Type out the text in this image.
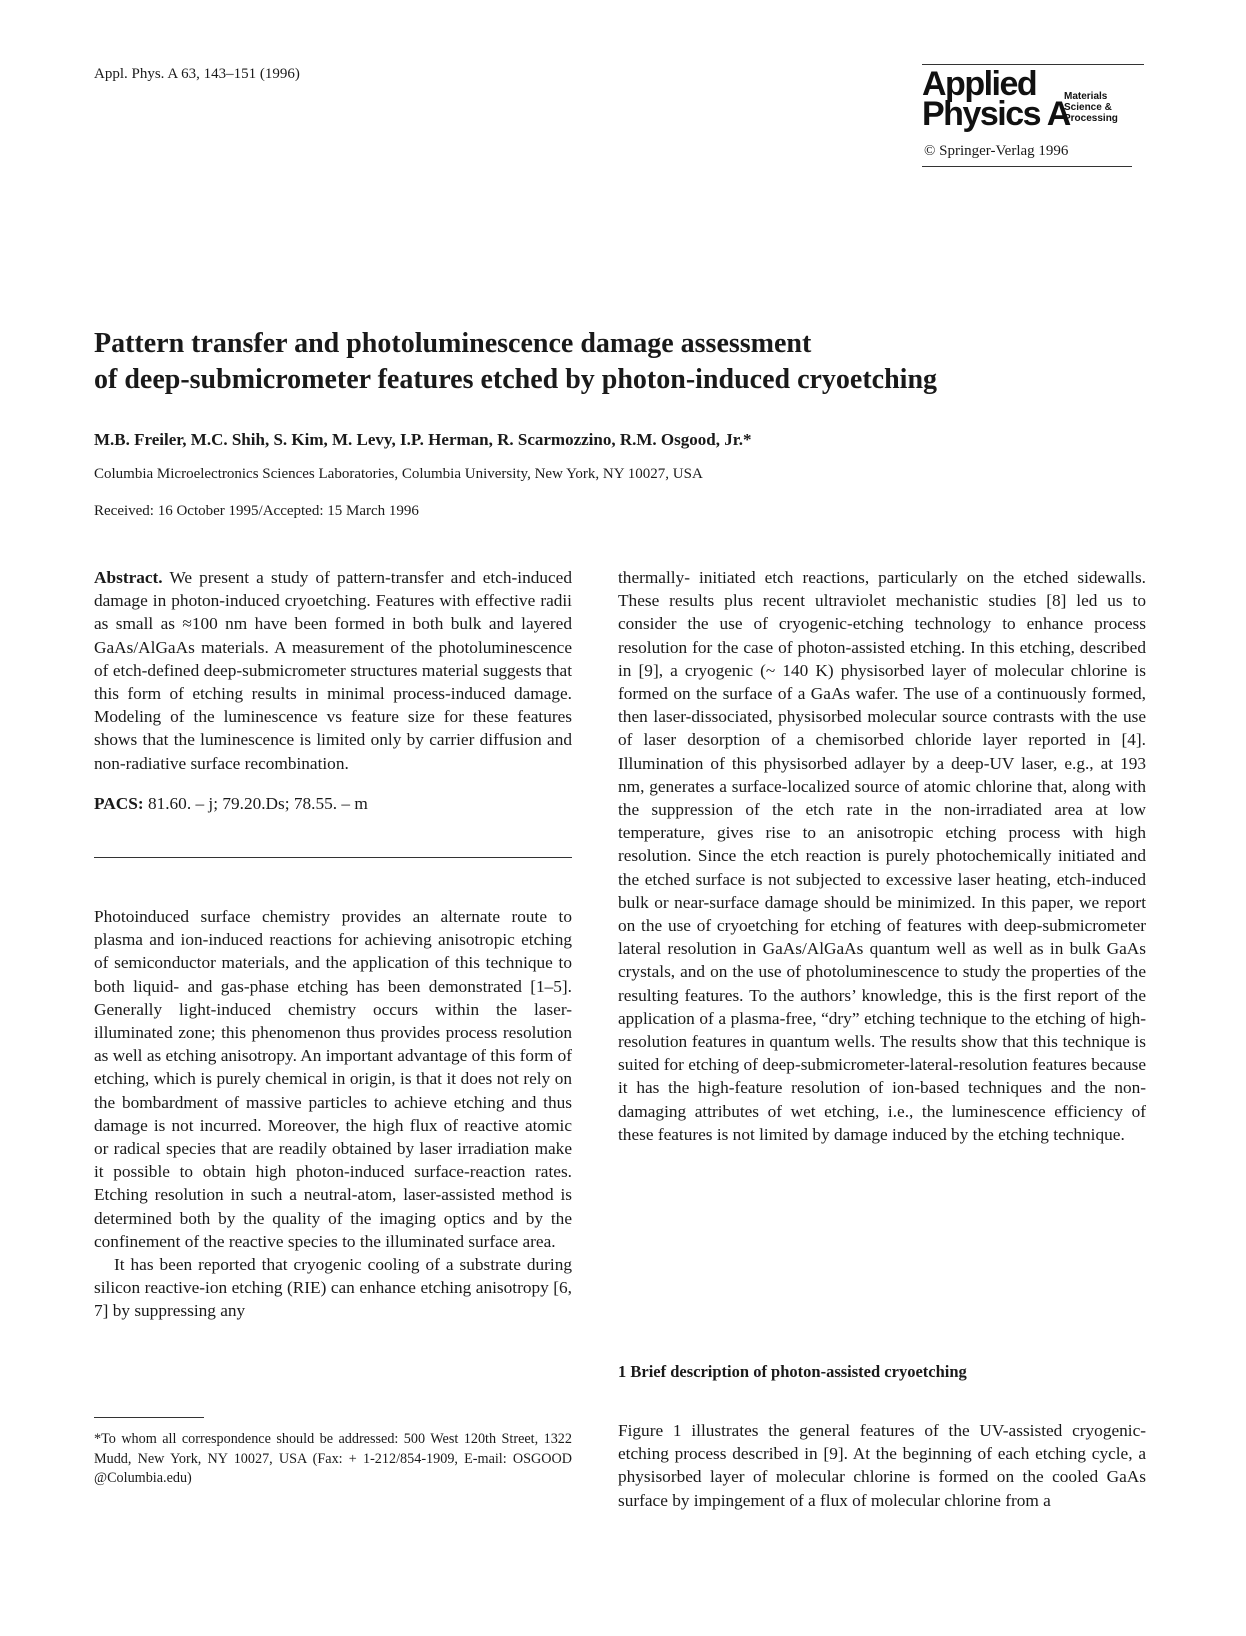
Appl. Phys. A 63, 143–151 (1996)	Applied
Physics A
Materials
Science &
Processing
© Springer-Verlag 1996
Pattern transfer and photoluminescence damage assessment
of deep-submicrometer features etched by photon-induced cryoetching
M.B. Freiler, M.C. Shih, S. Kim, M. Levy, I.P. Herman, R. Scarmozzino, R.M. Osgood, Jr.*
Columbia Microelectronics Sciences Laboratories, Columbia University, New York, NY 10027, USA
Received: 16 October 1995/Accepted: 15 March 1996

Abstract. We present a study of pattern-transfer and etch-induced damage in photon-induced cryoetching. Features with effective radii as small as ≈100 nm have been formed in both bulk and layered GaAs/AlGaAs materials. A measurement of the photoluminescence of etch-defined deep-submicrometer structures material suggests that this form of etching results in minimal process-induced damage. Modeling of the luminescence vs feature size for these features shows that the luminescence is limited only by carrier diffusion and non-radiative surface recombination.

PACS: 81.60. – j; 79.20.Ds; 78.55. – m

Photoinduced surface chemistry provides an alternate route to plasma and ion-induced reactions for achieving anisotropic etching of semiconductor materials, and the application of this technique to both liquid- and gas-phase etching has been demonstrated [1–5]. Generally light-induced chemistry occurs within the laser-illuminated zone; this phenomenon thus provides process resolution as well as etching anisotropy. An important advantage of this form of etching, which is purely chemical in origin, is that it does not rely on the bombardment of massive particles to achieve etching and thus damage is not incurred. Moreover, the high flux of reactive atomic or radical species that are readily obtained by laser irradiation make it possible to obtain high photon-induced surface-reaction rates. Etching resolution in such a neutral-atom, laser-assisted method is determined both by the quality of the imaging optics and by the confinement of the reactive species to the illuminated surface area.

It has been reported that cryogenic cooling of a substrate during silicon reactive-ion etching (RIE) can enhance etching anisotropy [6, 7] by suppressing any

*To whom all correspondence should be addressed: 500 West 120th Street, 1322 Mudd, New York, NY 10027, USA (Fax: + 1-212/854-1909, E-mail: OSGOOD @Columbia.edu)

thermally- initiated etch reactions, particularly on the etched sidewalls. These results plus recent ultraviolet mechanistic studies [8] led us to consider the use of cryogenic-etching technology to enhance process resolution for the case of photon-assisted etching. In this etching, described in [9], a cryogenic (~ 140 K) physisorbed layer of molecular chlorine is formed on the surface of a GaAs wafer. The use of a continuously formed, then laser-dissociated, physisorbed molecular source contrasts with the use of laser desorption of a chemisorbed chloride layer reported in [4]. Illumination of this physisorbed adlayer by a deep-UV laser, e.g., at 193 nm, generates a surface-localized source of atomic chlorine that, along with the suppression of the etch rate in the non-irradiated area at low temperature, gives rise to an anisotropic etching process with high resolution. Since the etch reaction is purely photochemically initiated and the etched surface is not subjected to excessive laser heating, etch-induced bulk or near-surface damage should be minimized. In this paper, we report on the use of cryoetching for etching of features with deep-submicrometer lateral resolution in GaAs/AlGaAs quantum well as well as in bulk GaAs crystals, and on the use of photoluminescence to study the properties of the resulting features. To the authors’ knowledge, this is the first report of the application of a plasma-free, “dry” etching technique to the etching of high-resolution features in quantum wells. The results show that this technique is suited for etching of deep-submicrometer-lateral-resolution features because it has the high-feature resolution of ion-based techniques and the non-damaging attributes of wet etching, i.e., the luminescence efficiency of these features is not limited by damage induced by the etching technique.

1 Brief description of photon-assisted cryoetching

Figure 1 illustrates the general features of the UV-assisted cryogenic-etching process described in [9]. At the beginning of each etching cycle, a physisorbed layer of molecular chlorine is formed on the cooled GaAs surface by impingement of a flux of molecular chlorine from a
